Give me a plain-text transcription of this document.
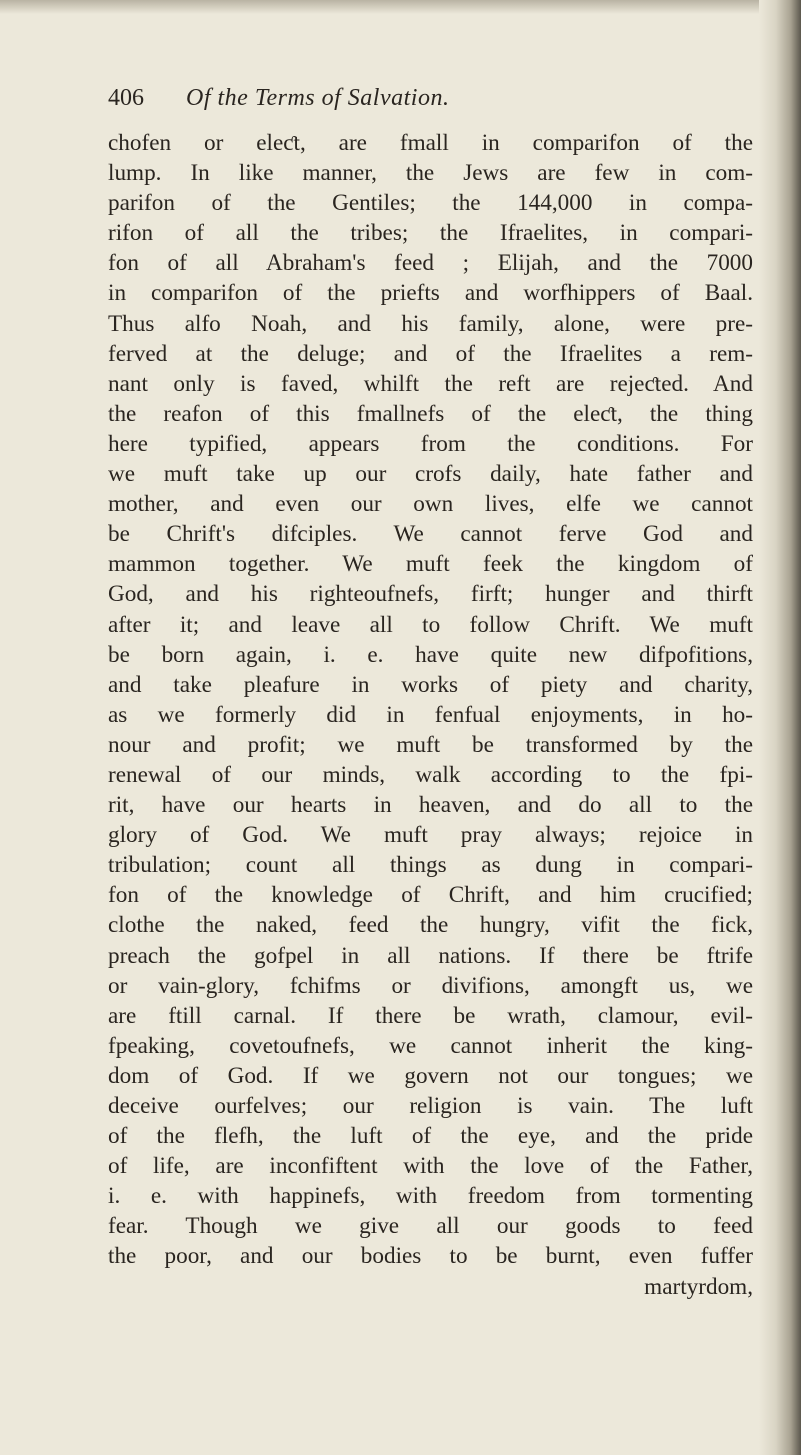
406 Of the Terms of Salvation.
chofen or eleƈt, are fmall in comparifon of the
lump. In like manner, the Jews are few in com-
parifon of the Gentiles; the 144,000 in compa-
rifon of all the tribes; the Ifraelites, in compari-
fon of all Abraham's feed ; Elijah, and the 7000
in comparifon of the priefts and worfhippers of Baal.
Thus alfo Noah, and his family, alone, were pre-
ferved at the deluge; and of the Ifraelites a rem-
nant only is faved, whilft the reft are rejeƈted. And
the reafon of this fmallnefs of the eleƈt, the thing
here typified, appears from the conditions. For
we muft take up our crofs daily, hate father and
mother, and even our own lives, elfe we cannot
be Chrift's difciples. We cannot ferve God and
mammon together. We muft feek the kingdom of
God, and his righteoufnefs, firft; hunger and thirft
after it; and leave all to follow Chrift. We muft
be born again, i. e. have quite new difpofitions,
and take pleafure in works of piety and charity,
as we formerly did in fenfual enjoyments, in ho-
nour and profit; we muft be transformed by the
renewal of our minds, walk according to the fpi-
rit, have our hearts in heaven, and do all to the
glory of God. We muft pray always; rejoice in
tribulation; count all things as dung in compari-
fon of the knowledge of Chrift, and him crucified;
clothe the naked, feed the hungry, vifit the fick,
preach the gofpel in all nations. If there be ftrife
or vain-glory, fchifms or divifions, amongft us, we
are ftill carnal. If there be wrath, clamour, evil-
fpeaking, covetoufnefs, we cannot inherit the king-
dom of God. If we govern not our tongues; we
deceive ourfelves; our religion is vain. The luft
of the flefh, the luft of the eye, and the pride
of life, are inconfiftent with the love of the Father,
i. e. with happinefs, with freedom from tormenting
fear. Though we give all our goods to feed
the poor, and our bodies to be burnt, even fuffer
martyrdom,
